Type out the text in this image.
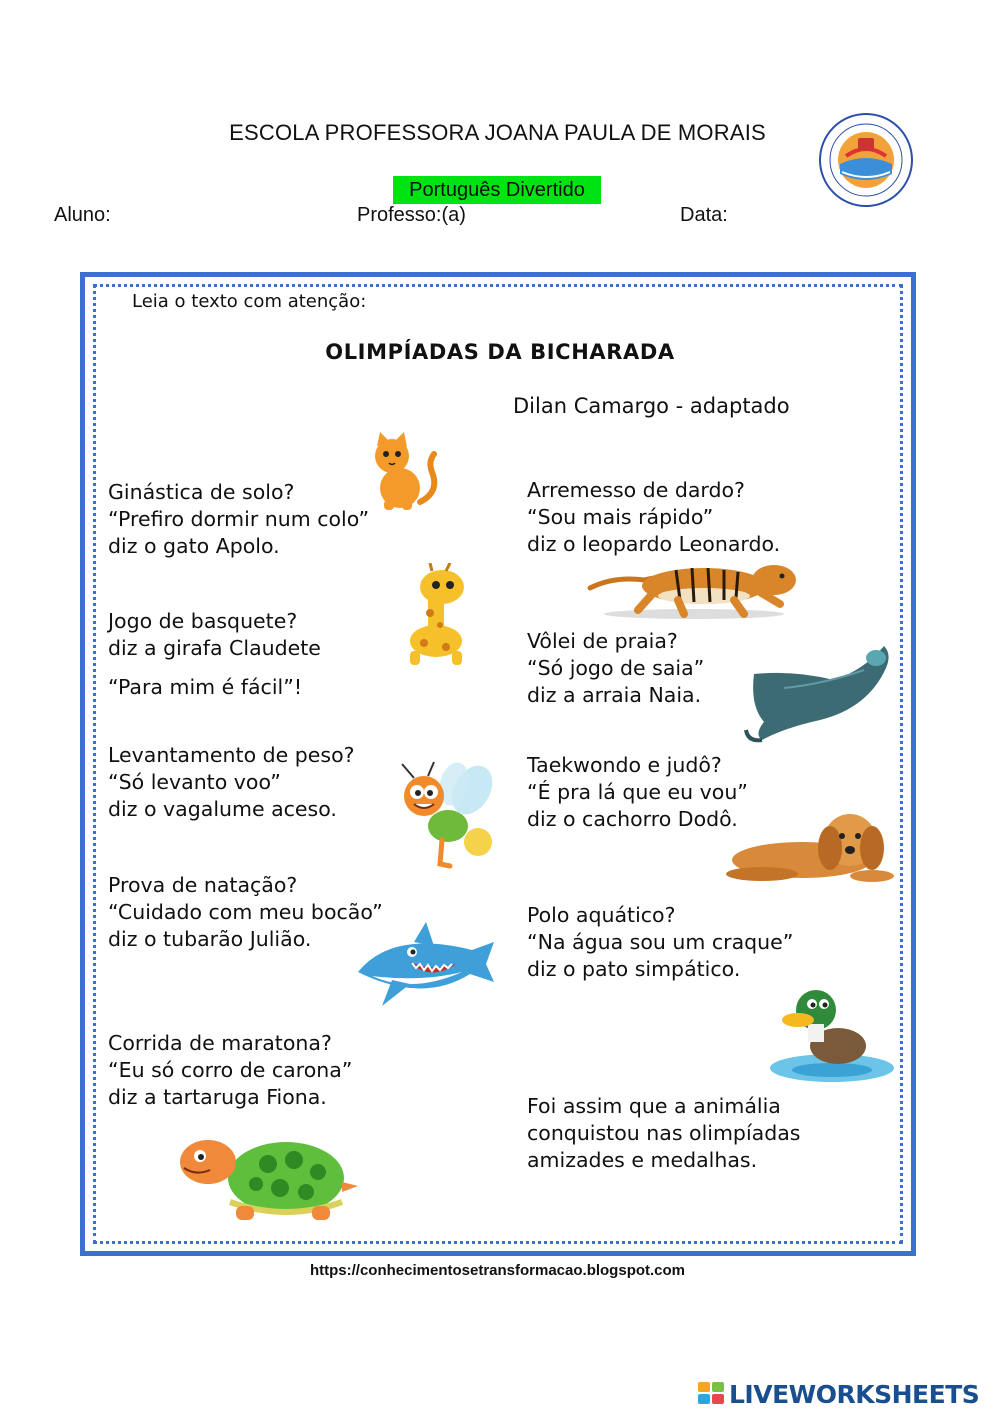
ESCOLA PROFESSORA JOANA PAULA DE MORAIS
Português Divertido
Aluno:	Professo:(a)	Data:
Leia o texto com atenção:
OLIMPÍADAS DA BICHARADA
Dilan Camargo - adaptado
Ginástica de solo?
“Prefiro dormir num colo”
diz o gato Apolo.
Jogo de basquete?
diz a girafa Claudete
“Para mim é fácil”!
Levantamento de peso?
“Só levanto voo”
diz o vagalume aceso.
Prova de natação?
“Cuidado com meu bocão”
diz o tubarão Julião.
Corrida de maratona?
“Eu só corro de carona”
diz a tartaruga Fiona.
Arremesso de dardo?
“Sou mais rápido”
diz o leopardo Leonardo.
Vôlei de praia?
“Só jogo de saia”
diz a arraia Naia.
Taekwondo e judô?
“É pra lá que eu vou”
diz o cachorro Dodô.
Polo aquático?
“Na água sou um craque”
diz o pato simpático.
Foi assim que a animália
conquistou nas olimpíadas
amizades e medalhas.
https://conhecimentosetransformacao.blogspot.com
LIVEWORKSHEETS
